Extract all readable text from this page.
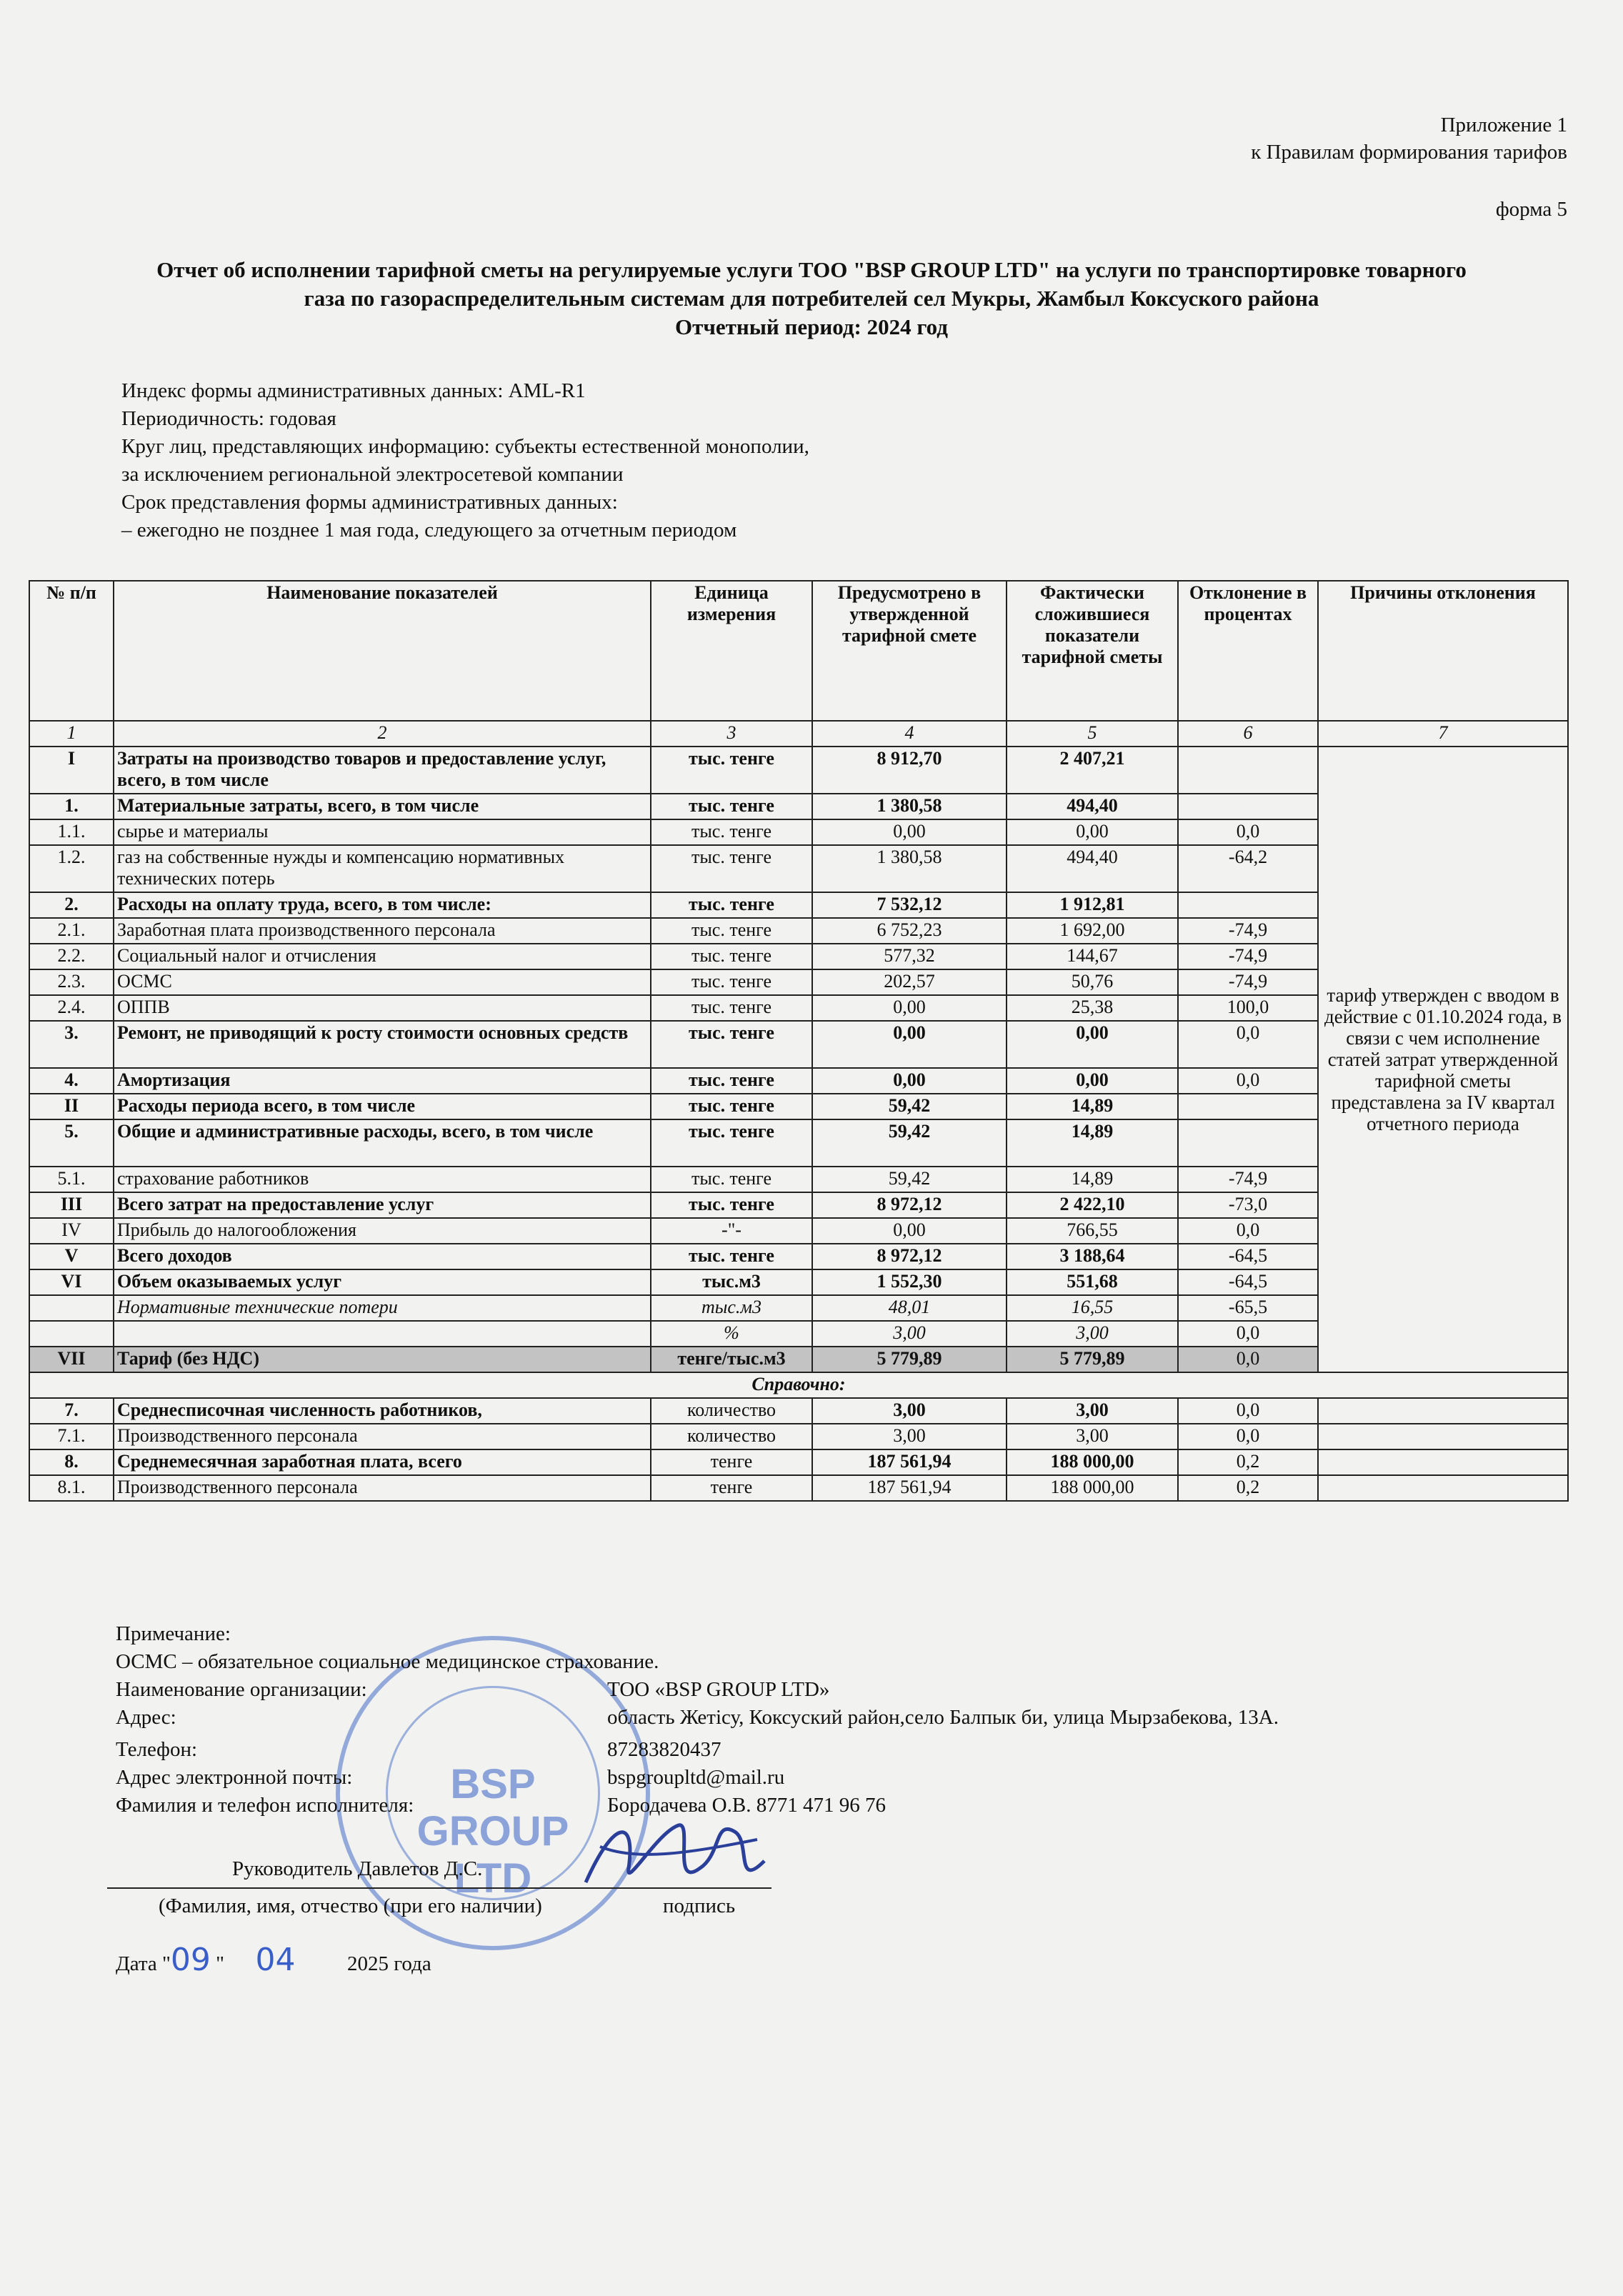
Приложение 1
к Правилам формирования тарифов
форма 5
Отчет об исполнении тарифной сметы на регулируемые услуги ТОО "BSP GROUP LTD" на услуги по транспортировке товарного
газа по газораспределительным системам для потребителей сел Мукры, Жамбыл Коксуского района
Отчетный период: 2024 год
Индекс формы административных данных: AML-R1
Периодичность: годовая
Круг лиц, представляющих информацию: субъекты естественной монополии,
за исключением региональной электросетевой компании
Срок представления формы административных данных:
– ежегодно не позднее 1 мая года, следующего за отчетным периодом
№ п/п	Наименование показателей	Единица измерения	Предусмотрено в утвержденной тарифной смете	Фактически сложившиеся показатели тарифной сметы	Отклонение в процентах	Причины отклонения
1	2	3	4	5	6	7
I	Затраты на производство товаров и предоставление услуг, всего, в том числе	тыс. тенге	8 912,70	2 407,21		тариф утвержден с вводом в действие с 01.10.2024 года, в связи с чем исполнение статей затрат утвержденной тарифной сметы представлена за IV квартал отчетного периода
1.	Материальные затраты, всего, в том числе	тыс. тенге	1 380,58	494,40		
1.1.	сырье и материалы	тыс. тенге	0,00	0,00	0,0	
1.2.	газ на собственные нужды и компенсацию нормативных технических потерь	тыс. тенге	1 380,58	494,40	-64,2	
2.	Расходы на оплату труда, всего, в том числе:	тыс. тенге	7 532,12	1 912,81		
2.1.	Заработная плата производственного персонала	тыс. тенге	6 752,23	1 692,00	-74,9	
2.2.	Социальный налог и отчисления	тыс. тенге	577,32	144,67	-74,9	
2.3.	ОСМС	тыс. тенге	202,57	50,76	-74,9	
2.4.	ОППВ	тыс. тенге	0,00	25,38	100,0	
3.	Ремонт, не приводящий к росту стоимости основных средств	тыс. тенге	0,00	0,00	0,0	
4.	Амортизация	тыс. тенге	0,00	0,00	0,0	
II	Расходы периода всего, в том числе	тыс. тенге	59,42	14,89		
5.	Общие и административные расходы, всего, в том числе	тыс. тенге	59,42	14,89		
5.1.	страхование работников	тыс. тенге	59,42	14,89	-74,9	
III	Всего затрат на предоставление услуг	тыс. тенге	8 972,12	2 422,10	-73,0	
IV	Прибыль до налогообложения	-"-	0,00	766,55	0,0	
V	Всего доходов	тыс. тенге	8 972,12	3 188,64	-64,5	
VI	Объем оказываемых услуг	тыс.м3	1 552,30	551,68	-64,5	
	Нормативные технические потери	тыс.м3	48,01	16,55	-65,5	
		%	3,00	3,00	0,0	
VII	Тариф (без НДС)	тенге/тыс.м3	5 779,89	5 779,89	0,0	
Справочно:						
7.	Среднесписочная численность работников,	количество	3,00	3,00	0,0	
7.1.	Производственного персонала	количество	3,00	3,00	0,0	
8.	Среднемесячная заработная плата, всего	тенге	187 561,94	188 000,00	0,2	
8.1.	Производственного персонала	тенге	187 561,94	188 000,00	0,2	
BSP GROUP LTD
Примечание:
ОСМС – обязательное социальное медицинское страхование.
Наименование организации:	ТОО «BSP GROUP LTD»
Адрес:	область Жетісу, Коксуский район,село Балпык би, улица Мырзабекова, 13А.
Телефон:	87283820437
Адрес электронной почты:	bspgroupltd@mail.ru
Фамилия и телефон исполнителя:	Бородачева О.В. 8771 471 96 76
Руководитель Давлетов Д.С.
(Фамилия, имя, отчество (при его наличии)	подпись
Дата "09 " 04	2025 года
